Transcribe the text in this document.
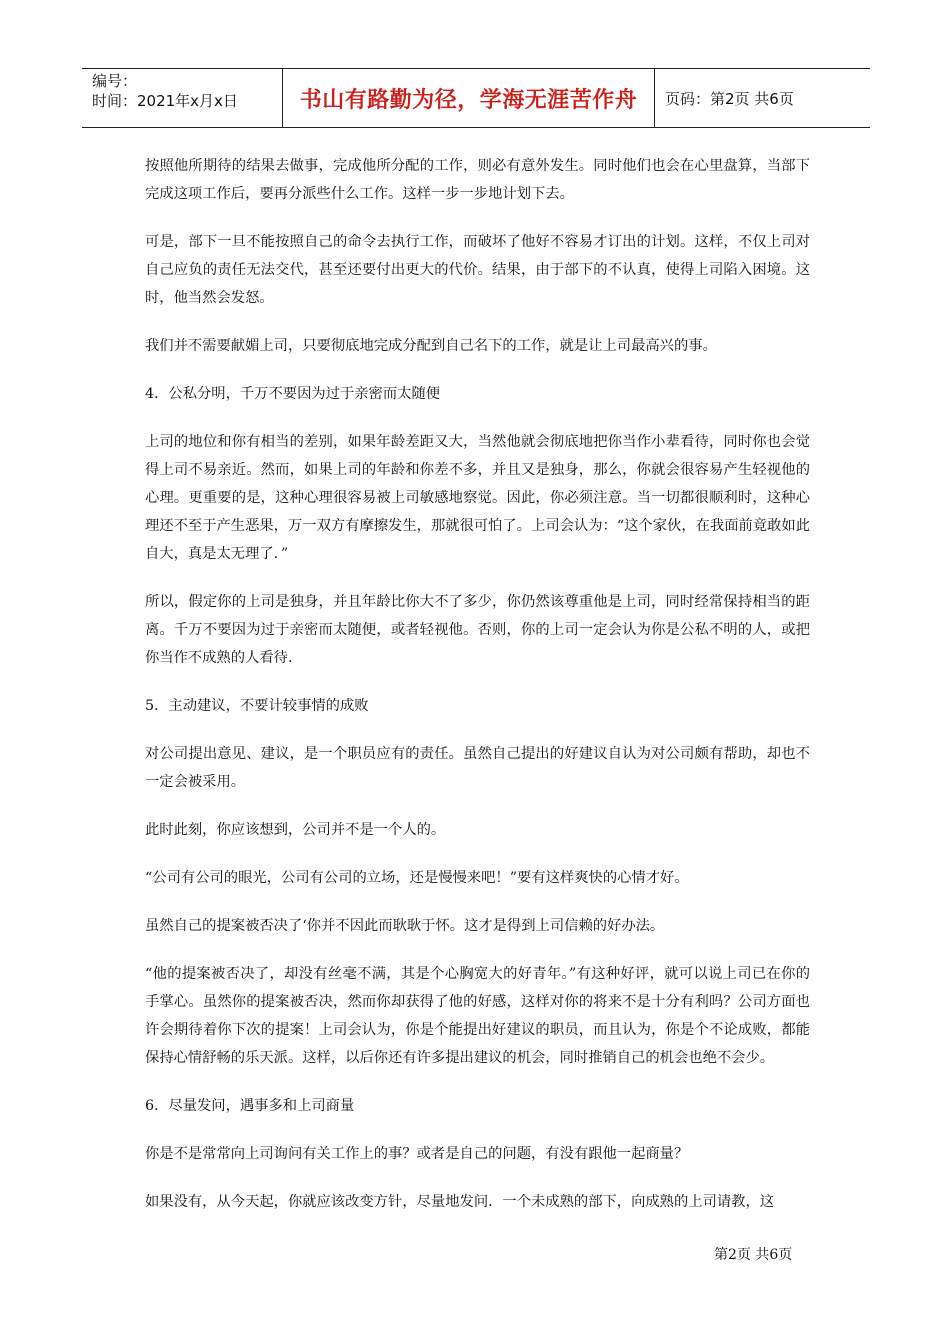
编号：
时间：2021年x月x日	书山有路勤为径，学海无涯苦作舟	页码：第2页 共6页

按照他所期待的结果去做事，完成他所分配的工作，则必有意外发生。同时他们也会在心里盘算，当部下完成这项工作后，要再分派些什么工作。这样一步一步地计划下去。

可是，部下一旦不能按照自己的命令去执行工作，而破坏了他好不容易才订出的计划。这样，不仅上司对自己应负的责任无法交代，甚至还要付出更大的代价。结果，由于部下的不认真，使得上司陷入困境。这时，他当然会发怒。

我们并不需要献媚上司，只要彻底地完成分配到自己名下的工作，就是让上司最高兴的事。

4．公私分明，千万不要因为过于亲密而太随便

上司的地位和你有相当的差别，如果年龄差距又大，当然他就会彻底地把你当作小辈看待，同时你也会觉得上司不易亲近。然而，如果上司的年龄和你差不多，并且又是独身，那么，你就会很容易产生轻视他的心理。更重要的是，这种心理很容易被上司敏感地察觉。因此，你必须注意。当一切都很顺利时，这种心理还不至于产生恶果，万一双方有摩擦发生，那就很可怕了。上司会认为：“这个家伙，在我面前竟敢如此自大，真是太无理了．”

所以，假定你的上司是独身，并且年龄比你大不了多少，你仍然该尊重他是上司，同时经常保持相当的距离。千万不要因为过于亲密而太随便，或者轻视他。否则，你的上司一定会认为你是公私不明的人，或把你当作不成熟的人看待.

5．主动建议，不要计较事情的成败

对公司提出意见、建议，是一个职员应有的责任。虽然自己提出的好建议自认为对公司颇有帮助，却也不一定会被采用。

此时此刻，你应该想到，公司并不是一个人的。

“公司有公司的眼光，公司有公司的立场，还是慢慢来吧！”要有这样爽快的心情才好。

虽然自己的提案被否决了‘你并不因此而耿耿于怀。这才是得到上司信赖的好办法。

“他的提案被否决了，却没有丝毫不满，其是个心胸宽大的好青年。”有这种好评，就可以说上司已在你的手掌心。虽然你的提案被否决，然而你却获得了他的好感，这样对你的将来不是十分有利吗？公司方面也许会期待着你下次的提案！上司会认为，你是个能提出好建议的职员，而且认为，你是个不论成败，都能保持心情舒畅的乐天派。这样，以后你还有许多提出建议的机会，同时推销自己的机会也绝不会少。

6．尽量发问，遇事多和上司商量

你是不是常常向上司询问有关工作上的事？或者是自己的问题，有没有跟他一起商量？

如果没有，从今天起，你就应该改变方针，尽量地发问．一个未成熟的部下，向成熟的上司请教，这

第2页 共6页
